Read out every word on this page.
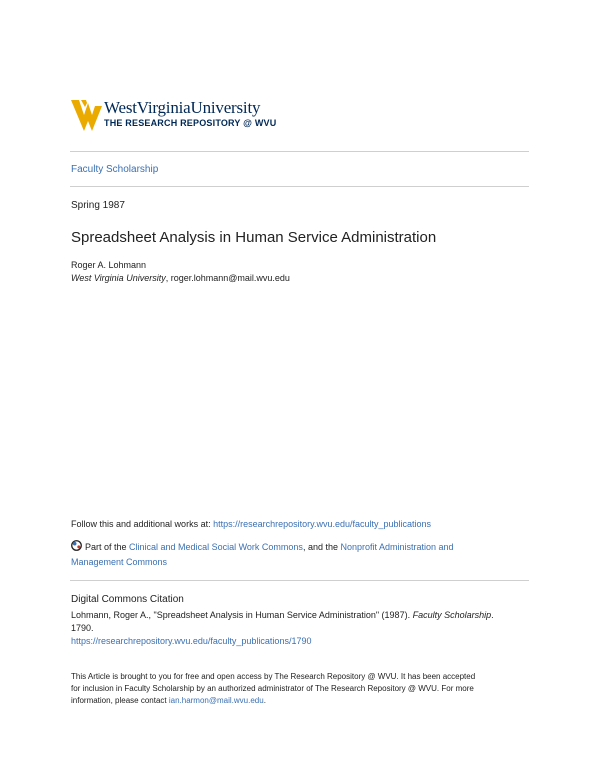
WestVirginiaUniversity
THE RESEARCH REPOSITORY @ WVU
Faculty Scholarship
Spring 1987
Spreadsheet Analysis in Human Service Administration
Roger A. Lohmann
West Virginia University, roger.lohmann@mail.wvu.edu
Follow this and additional works at: https://researchrepository.wvu.edu/faculty_publications
Part of the Clinical and Medical Social Work Commons, and the Nonprofit Administration and
Management Commons
Digital Commons Citation
Lohmann, Roger A., "Spreadsheet Analysis in Human Service Administration" (1987). Faculty Scholarship.
1790.
https://researchrepository.wvu.edu/faculty_publications/1790
This Article is brought to you for free and open access by The Research Repository @ WVU. It has been accepted
for inclusion in Faculty Scholarship by an authorized administrator of The Research Repository @ WVU. For more
information, please contact ian.harmon@mail.wvu.edu.
